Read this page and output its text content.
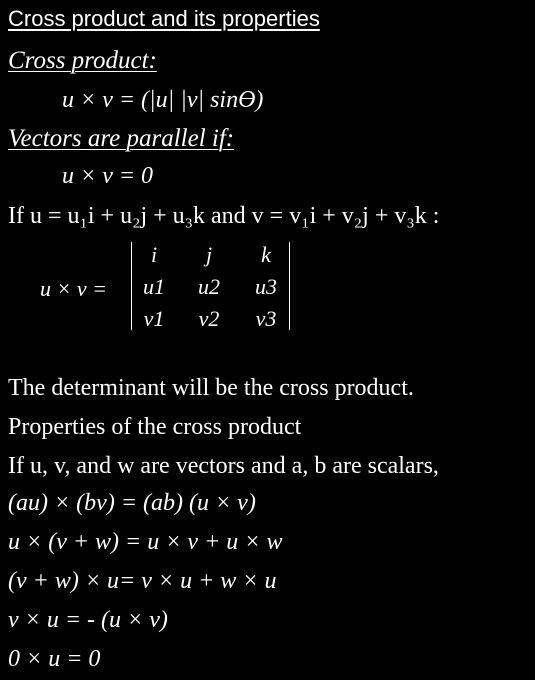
Cross product and its properties
Cross product:
u × v = (|u| |v| sinϴ)
Vectors are parallel if:
u × v = 0
If u = u₁i + u₂j + u₃k and v = v₁i + v₂j + v₃k :
u × v =
i	j	k
u1	u2	u3
v1	v2	v3
The determinant will be the cross product.
Properties of the cross product
If u, v, and w are vectors and a, b are scalars,
(au) × (bv) = (ab) (u × v)
u × (v + w) = u × v + u × w
(v + w) × u= v × u + w × u
v × u = - (u × v)
0 × u = 0
